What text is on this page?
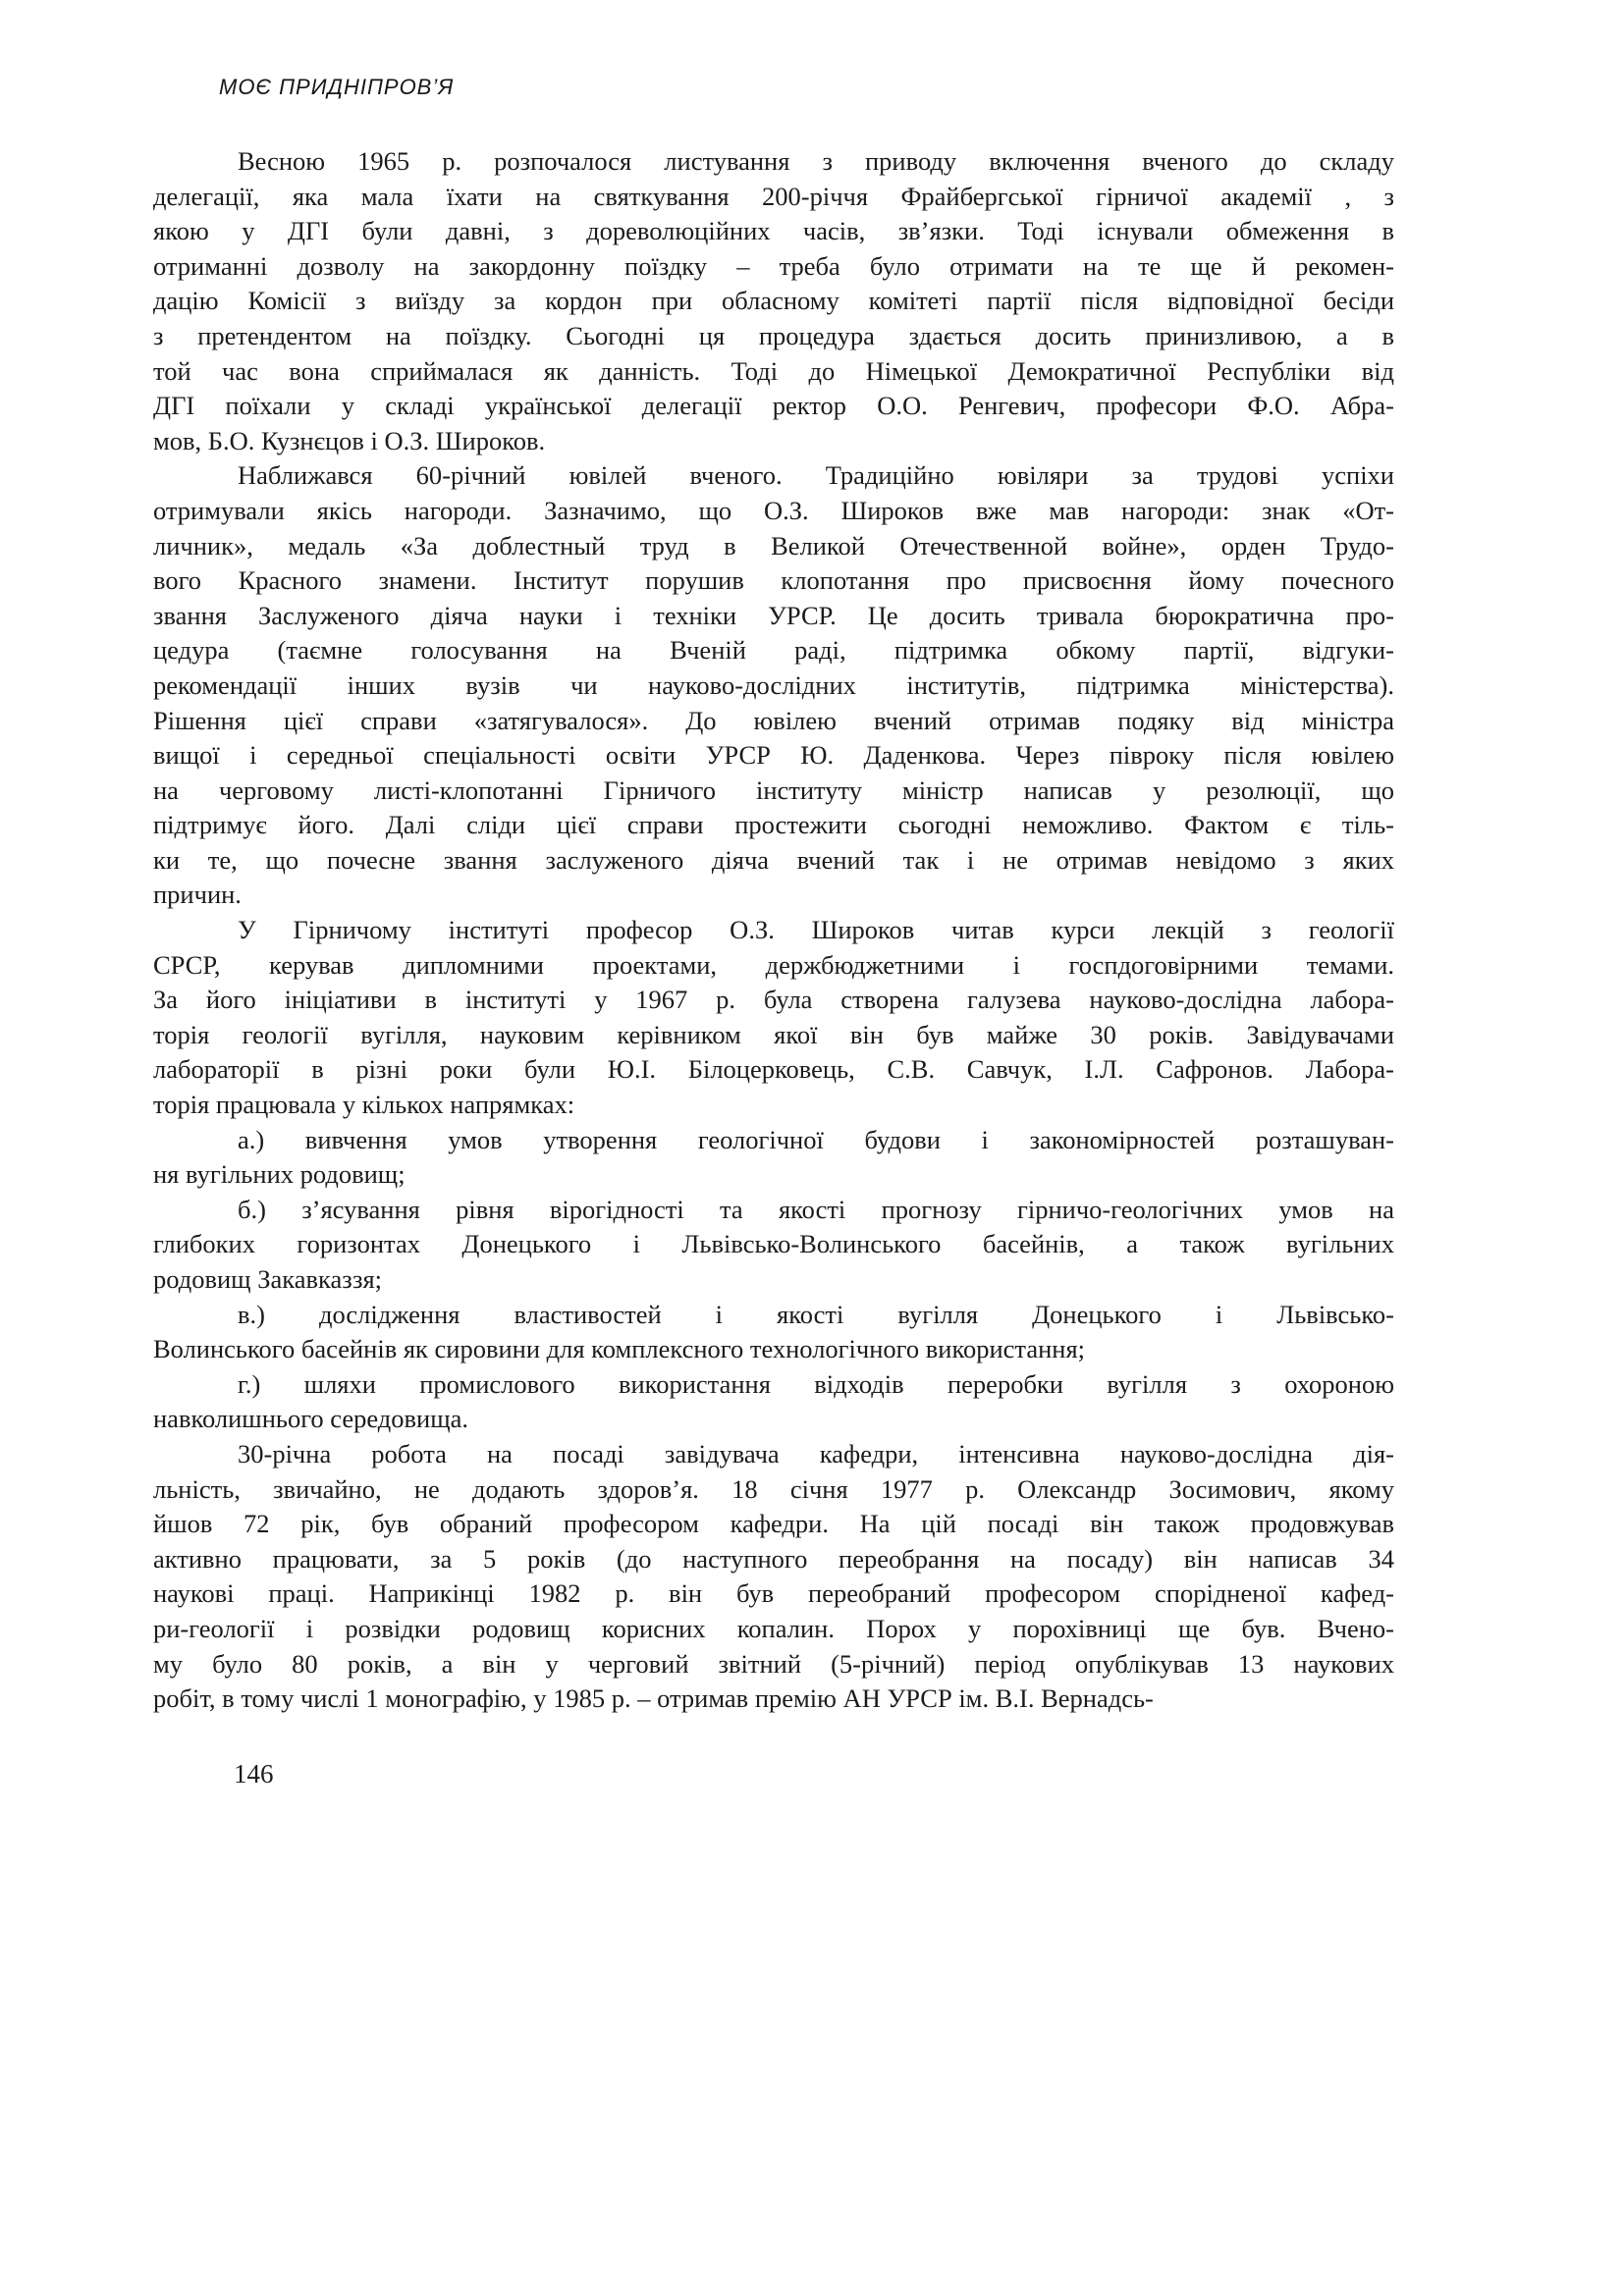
МОЄ ПРИДНІПРОВ’Я
Весною 1965 р. розпочалося листування з приводу включення вченого до складу
делегації, яка мала їхати на святкування 200-річчя Фрайбергської гірничої академії , з
якою у ДГІ були давні, з дореволюційних часів, зв’язки. Тоді існували обмеження в
отриманні дозволу на закордонну поїздку – треба було отримати на те ще й рекомен-
дацію Комісії з виїзду за кордон при обласному комітеті партії після відповідної бесіди
з претендентом на поїздку. Сьогодні ця процедура здається досить принизливою, а в
той час вона сприймалася як данність. Тоді до Німецької Демократичної Республіки від
ДГІ поїхали у складі української делегації ректор О.О. Ренгевич, професори Ф.О. Абра-
мов, Б.О. Кузнєцов і О.З. Широков.
Наближався 60-річний ювілей вченого. Традиційно ювіляри за трудові успіхи
отримували якісь нагороди. Зазначимо, що О.З. Широков вже мав нагороди: знак «От-
личник», медаль «За доблестный труд в Великой Отечественной войне», орден Трудо-
вого Красного знамени. Інститут порушив клопотання про присвоєння йому почесного
звання Заслуженого діяча науки і техніки УРСР. Це досить тривала бюрократична про-
цедура (таємне голосування на Вченій раді, підтримка обкому партії, відгуки-
рекомендації інших вузів чи науково-дослідних інститутів, підтримка міністерства).
Рішення цієї справи «затягувалося». До ювілею вчений отримав подяку від міністра
вищої і середньої спеціальності освіти УРСР Ю. Даденкова. Через півроку після ювілею
на черговому листі-клопотанні Гірничого інституту міністр написав у резолюції, що
підтримує його. Далі сліди цієї справи простежити сьогодні неможливо. Фактом є тіль-
ки те, що почесне звання заслуженого діяча вчений так і не отримав невідомо з яких
причин.
У Гірничому інституті професор О.З. Широков читав курси лекцій з геології
СРСР, керував дипломними проектами, держбюджетними і госпдоговірними темами.
За його ініціативи в інституті у 1967 р. була створена галузева науково-дослідна лабора-
торія геології вугілля, науковим керівником якої він був майже 30 років. Завідувачами
лабораторії в різні роки були Ю.І. Білоцерковець, С.В. Савчук, І.Л. Сафронов. Лабора-
торія працювала у кількох напрямках:
а.) вивчення умов утворення геологічної будови і закономірностей розташуван-
ня вугільних родовищ;
б.) з’ясування рівня вірогідності та якості прогнозу гірничо-геологічних умов на
глибоких горизонтах Донецького і Львівсько-Волинського басейнів, а також вугільних
родовищ Закавказзя;
в.) дослідження властивостей і якості вугілля Донецького і Львівсько-
Волинського басейнів як сировини для комплексного технологічного використання;
г.) шляхи промислового використання відходів переробки вугілля з охороною
навколишнього середовища.
30-річна робота на посаді завідувача кафедри, інтенсивна науково-дослідна дія-
льність, звичайно, не додають здоров’я. 18 січня 1977 р. Олександр Зосимович, якому
йшов 72 рік, був обраний професором кафедри. На цій посаді він також продовжував
активно працювати, за 5 років (до наступного переобрання на посаду) він написав 34
наукові праці. Наприкінці 1982 р. він був переобраний професором спорідненої кафед-
ри-геології і розвідки родовищ корисних копалин. Порох у порохівниці ще був. Вчено-
му було 80 років, а він у черговий звітний (5-річний) період опублікував 13 наукових
робіт, в тому числі 1 монографію, у 1985 р. – отримав премію АН УРСР ім. В.І. Вернадсь-
146
